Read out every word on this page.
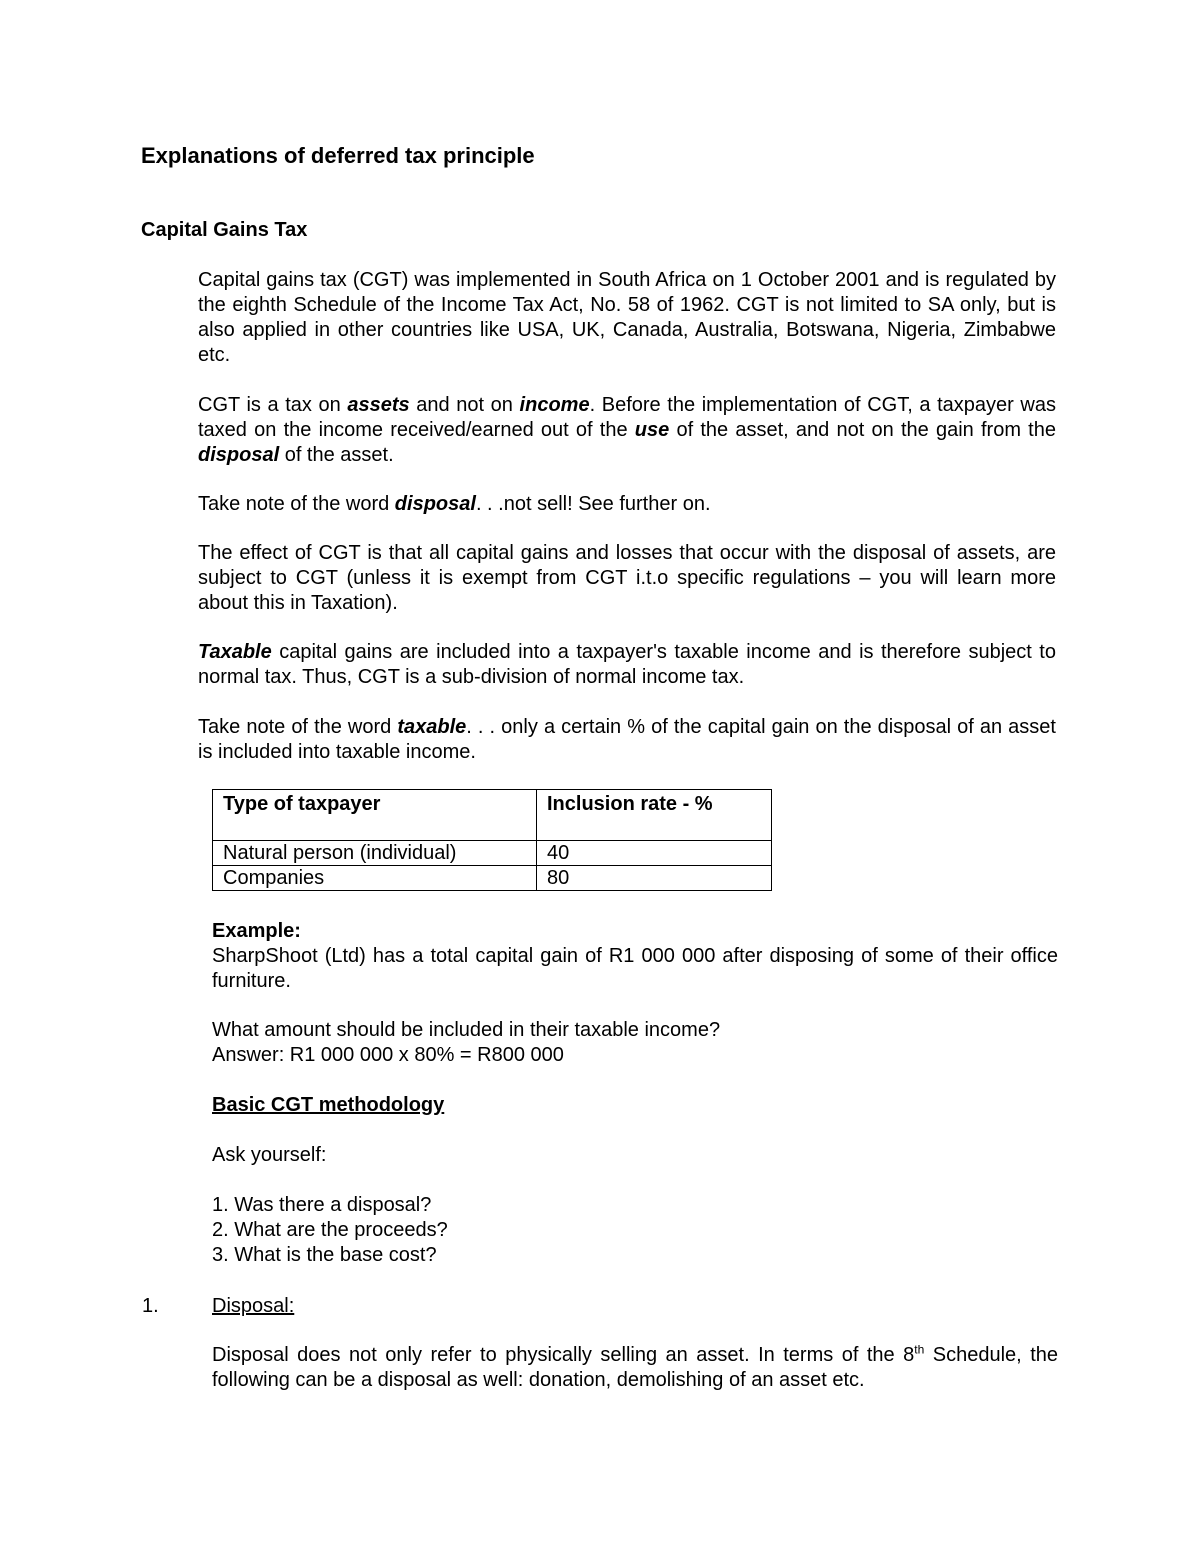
Explanations of deferred tax principle
Capital Gains Tax

Capital gains tax (CGT) was implemented in South Africa on 1 October 2001 and is regulated by the eighth Schedule of the Income Tax Act, No. 58 of 1962. CGT is not limited to SA only, but is also applied in other countries like USA, UK, Canada, Australia, Botswana, Nigeria, Zimbabwe etc.

CGT is a tax on assets and not on income. Before the implementation of CGT, a taxpayer was taxed on the income received/earned out of the use of the asset, and not on the gain from the disposal of the asset.

Take note of the word disposal. . .not sell! See further on.

The effect of CGT is that all capital gains and losses that occur with the disposal of assets, are subject to CGT (unless it is exempt from CGT i.t.o specific regulations – you will learn more about this in Taxation).

Taxable capital gains are included into a taxpayer's taxable income and is therefore subject to normal tax. Thus, CGT is a sub-division of normal income tax.

Take note of the word taxable. . . only a certain % of the capital gain on the disposal of an asset is included into taxable income.

Type of taxpayer	Inclusion rate - %
Natural person (individual)	40
Companies	80
Example:
SharpShoot (Ltd) has a total capital gain of R1 000 000 after disposing of some of their office furniture.
What amount should be included in their taxable income?
Answer: R1 000 000 x 80% = R800 000
Basic CGT methodology
Ask yourself:
1. Was there a disposal?
2. What are the proceeds?
3. What is the base cost?
1.	Disposal:
Disposal does not only refer to physically selling an asset. In terms of the 8th Schedule, the following can be a disposal as well: donation, demolishing of an asset etc.
